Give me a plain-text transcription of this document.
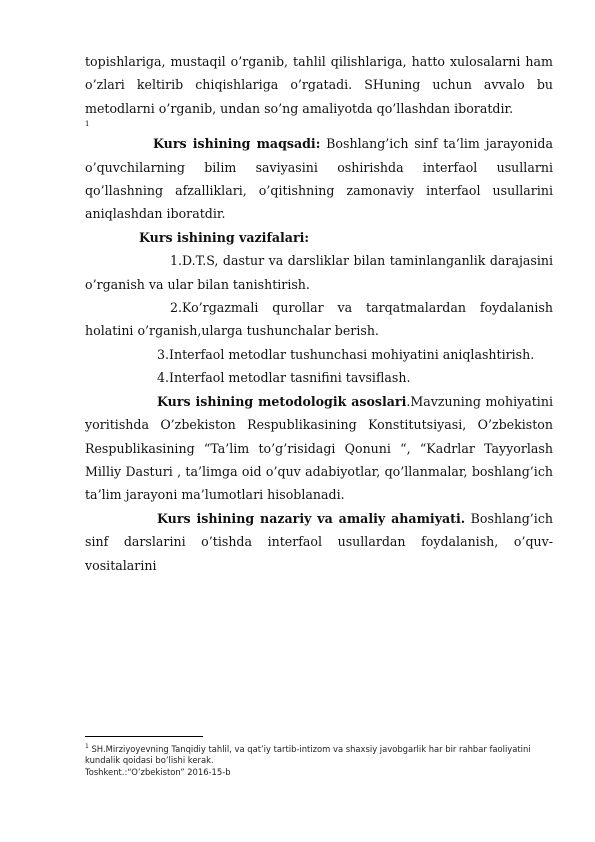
topishlariga, mustaqil o’rganib, tahlil qilishlariga, hatto xulosalarni ham o’zlari keltirib chiqishlariga o’rgatadi. SHuning uchun avvalo bu metodlarni o’rganib, undan so’ng amaliyotda qo’llashdan iboratdir.

1

Kurs ishining maqsadi: Boshlang’ich sinf ta’lim jarayonida o’quvchilarning bilim saviyasini oshirishda interfaol usullarni qo’llashning afzalliklari, o’qitishning zamonaviy interfaol usullarini aniqlashdan iboratdir.

Kurs ishining vazifalari:

1.D.T.S, dastur va darsliklar bilan taminlanganlik darajasini o’rganish va ular bilan tanishtirish.

2.Ko’rgazmali qurollar va tarqatmalardan foydalanish holatini o’rganish,ularga tushunchalar berish.

3.Interfaol metodlar tushunchasi mohiyatini aniqlashtirish.
4.Interfaol metodlar tasnifini tavsiflash.

Kurs ishining metodologik asoslari.Mavzuning mohiyatini yoritishda O’zbekiston Respublikasining Konstitutsiyasi, O’zbekiston Respublikasining “Ta’lim to’g’risidagi Qonuni “, “Kadrlar Tayyorlash Milliy Dasturi , ta’limga oid o’quv adabiyotlar, qo’llanmalar, boshlang’ich ta’lim jarayoni ma’lumotlari hisoblanadi.

Kurs ishining nazariy va amaliy ahamiyati. Boshlang’ich sinf darslarini o’tishda interfaol usullardan foydalanish, o’quv-vositalarini

$^1$ SH.Mirziyoyevning Tanqidiy tahlil, va qat’iy tartib-intizom va shaxsiy javobgarlik har bir rahbar faoliyatini
kundalik qoidasi bo’lishi kerak.
Toshkent.:“O’zbekiston” 2016-15-b
